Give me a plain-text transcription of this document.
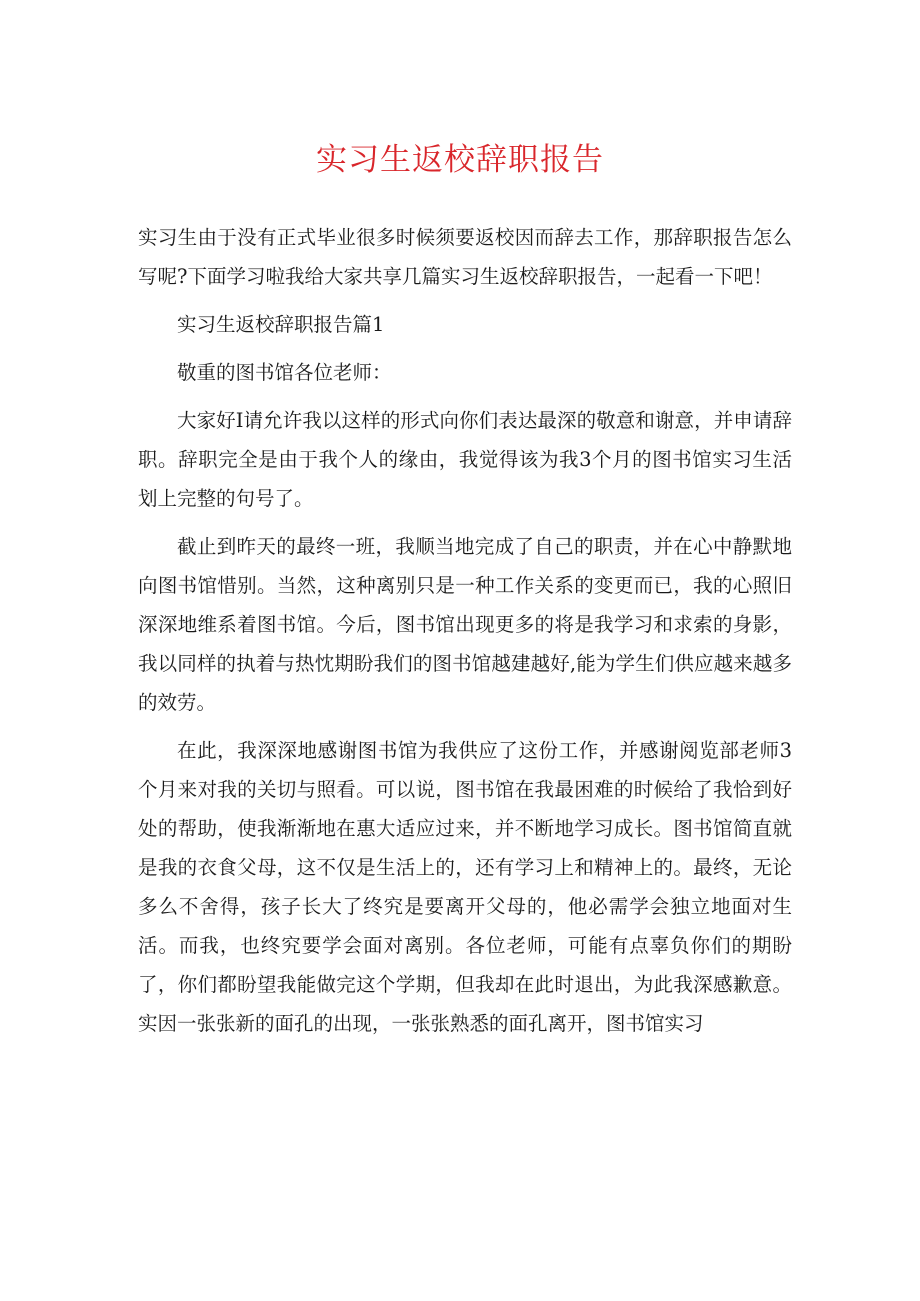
实习生返校辞职报告

实习生由于没有正式毕业很多时候须要返校因而辞去工作，那辞职报告怎么写呢?下面学习啦我给大家共享几篇实习生返校辞职报告，一起看一下吧！

实习生返校辞职报告篇1

敬重的图书馆各位老师：

大家好I请允许我以这样的形式向你们表达最深的敬意和谢意，并申请辞职。辞职完全是由于我个人的缘由，我觉得该为我3个月的图书馆实习生活划上完整的句号了。

截止到昨天的最终一班，我顺当地完成了自己的职责，并在心中静默地向图书馆惜别。当然，这种离别只是一种工作关系的变更而已，我的心照旧深深地维系着图书馆。今后，图书馆出现更多的将是我学习和求索的身影，我以同样的执着与热忱期盼我们的图书馆越建越好,能为学生们供应越来越多的效劳。

在此，我深深地感谢图书馆为我供应了这份工作，并感谢阅览部老师3个月来对我的关切与照看。可以说，图书馆在我最困难的时候给了我恰到好处的帮助，使我渐渐地在惠大适应过来，并不断地学习成长。图书馆简直就是我的衣食父母，这不仅是生活上的，还有学习上和精神上的。最终，无论多么不舍得，孩子长大了终究是要离开父母的，他必需学会独立地面对生活。而我，也终究要学会面对离别。各位老师，可能有点辜负你们的期盼了，你们都盼望我能做完这个学期，但我却在此时退出，为此我深感歉意。实因一张张新的面孔的出现，一张张熟悉的面孔离开，图书馆实习
